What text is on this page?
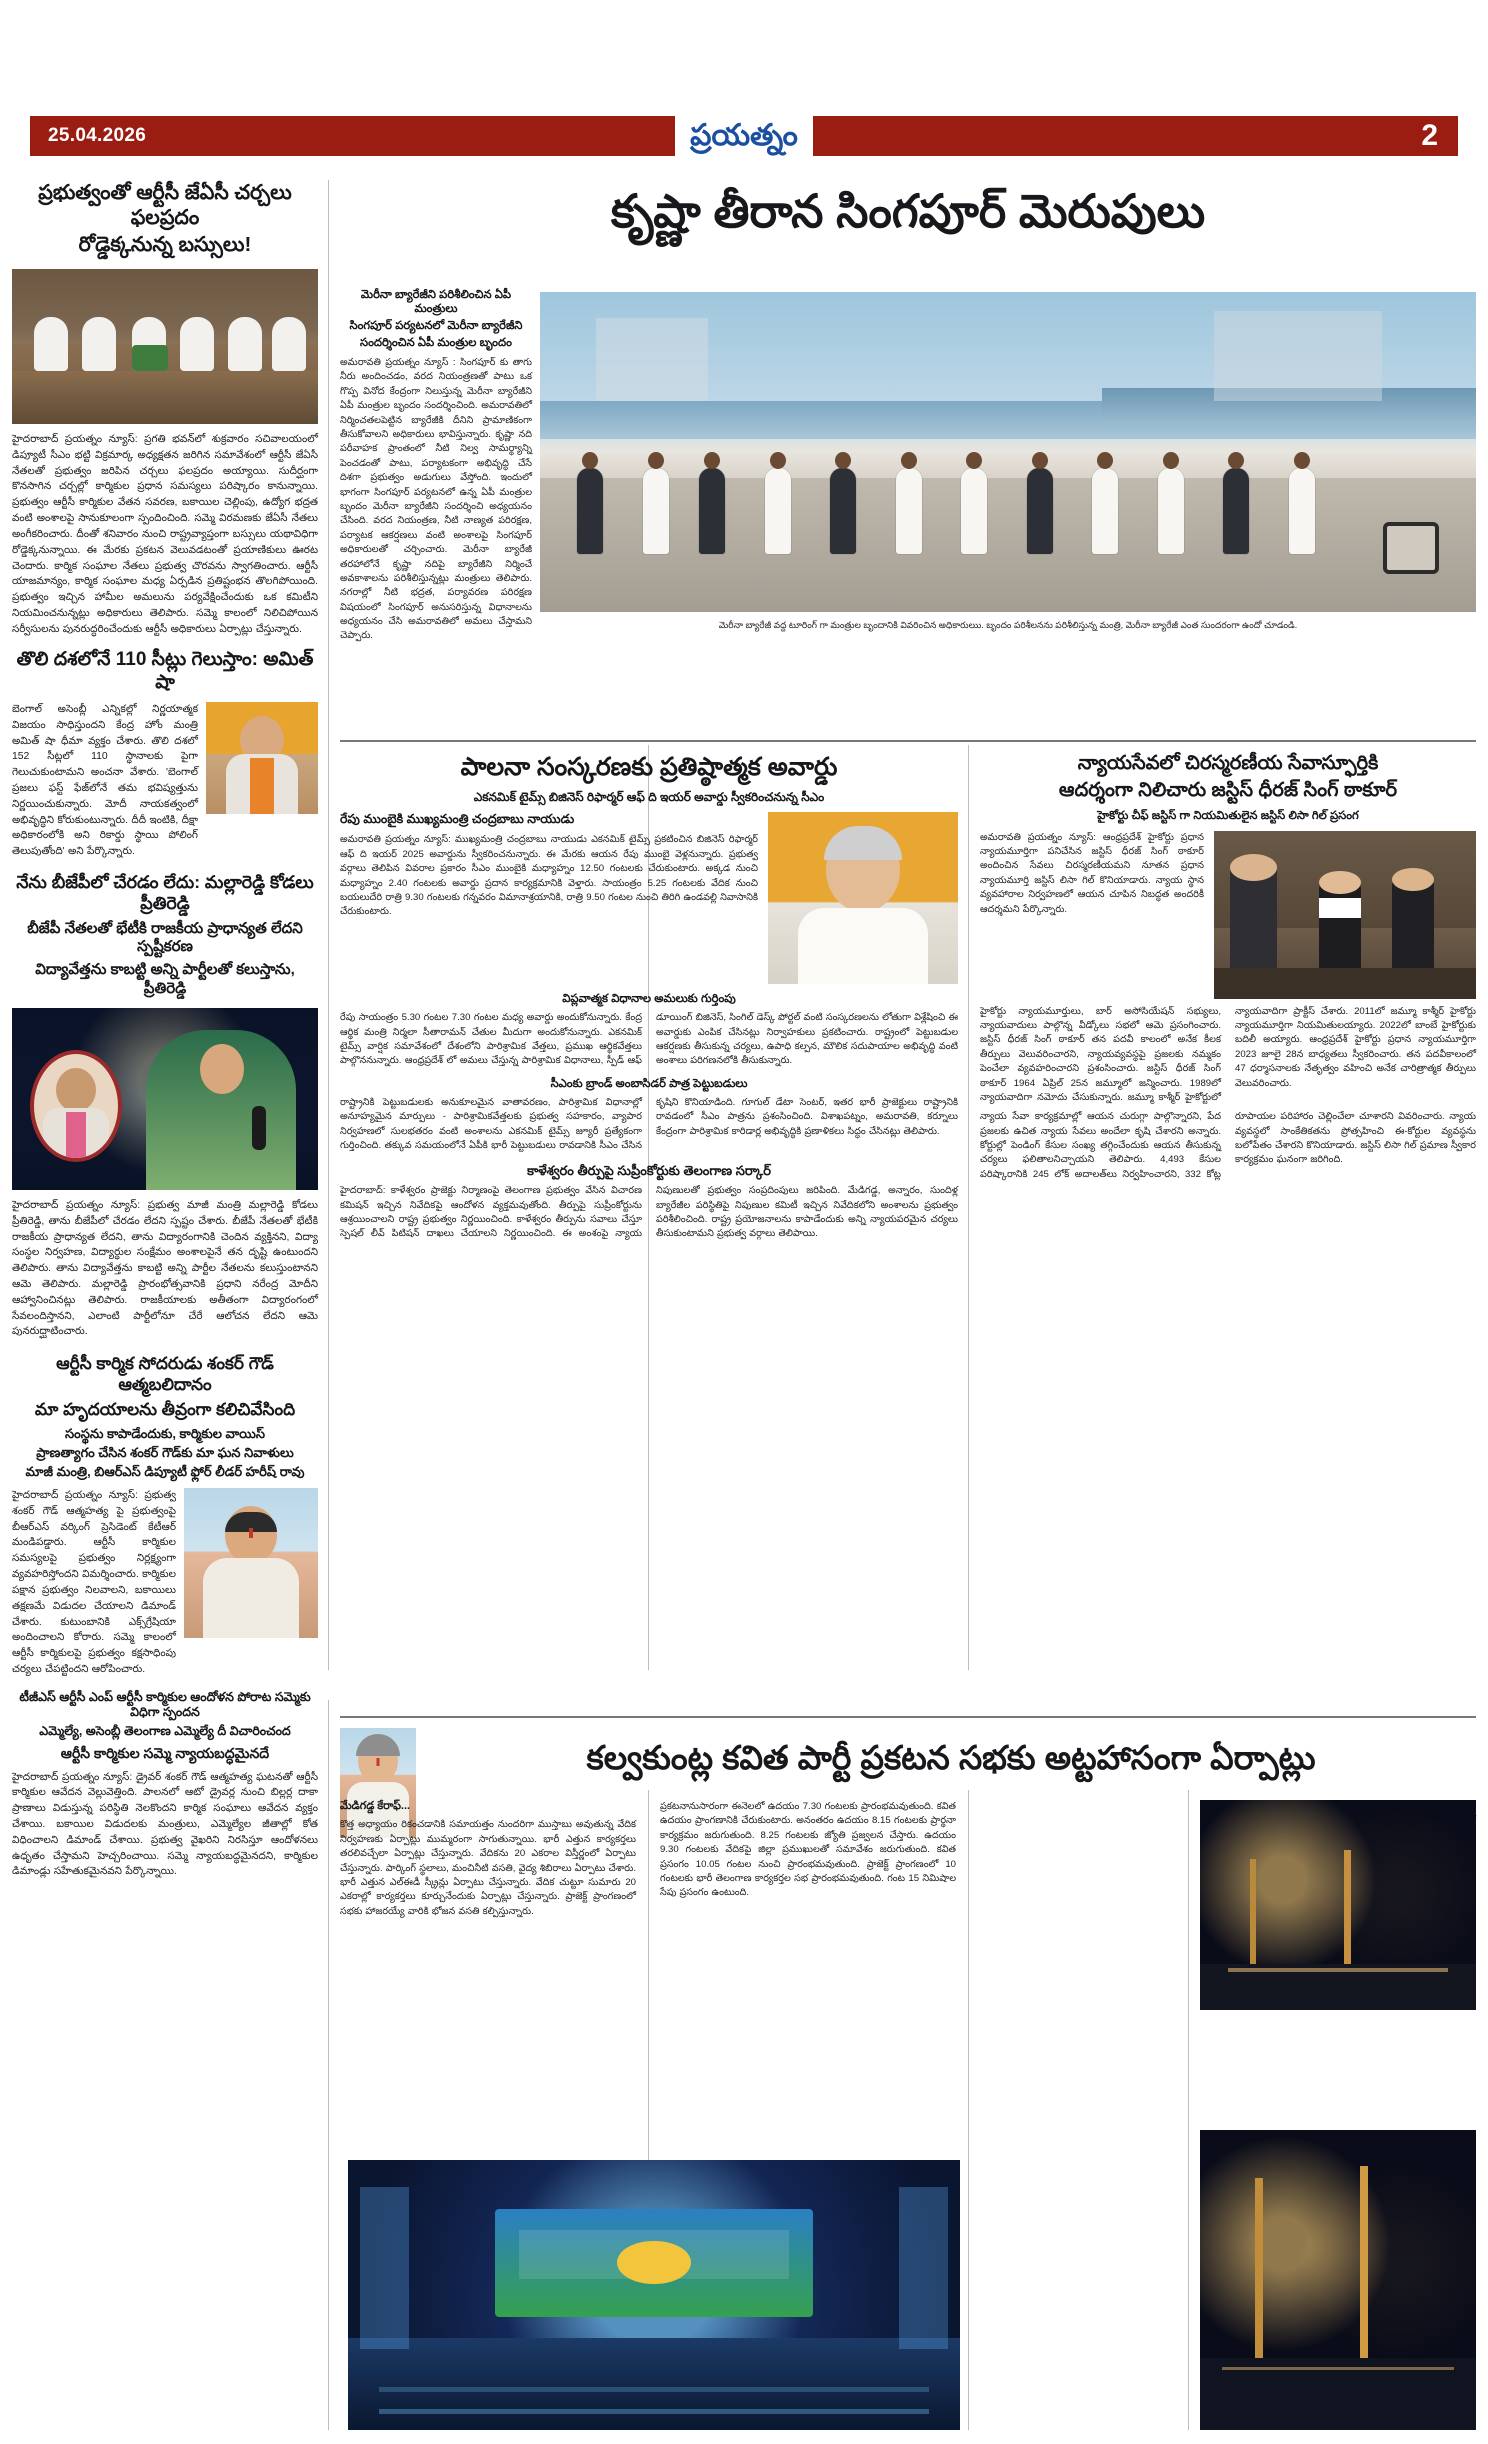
25.04.2026	ప్రయత్నం	2
ప్రభుత్వంతో ఆర్టీసీ జేఏసీ చర్చలు ఫలప్రదం
రోడ్డెక్కనున్న బస్సులు!
హైదరాబాద్ ప్రయత్నం న్యూస్: ప్రగతి భవన్‌లో శుక్రవారం సచివాలయంలో డిప్యూటీ సీఎం భట్టి విక్రమార్క అధ్యక్షతన జరిగిన సమావేశంలో ఆర్టీసీ జేఏసీ నేతలతో ప్రభుత్వం జరిపిన చర్చలు ఫలప్రదం అయ్యాయి. సుదీర్ఘంగా కొనసాగిన చర్చల్లో కార్మికుల ప్రధాన సమస్యలు పరిష్కారం కానున్నాయి. ప్రభుత్వం ఆర్టీసీ కార్మికుల వేతన సవరణ, బకాయిల చెల్లింపు, ఉద్యోగ భద్రత వంటి అంశాలపై సానుకూలంగా స్పందించింది. సమ్మె విరమణకు జేఏసీ నేతలు అంగీకరించారు. దీంతో శనివారం నుంచి రాష్ట్రవ్యాప్తంగా బస్సులు యథావిధిగా రోడ్డెక్కనున్నాయి. ఈ మేరకు ప్రకటన వెలువడటంతో ప్రయాణికులు ఊరట చెందారు. కార్మిక సంఘాల నేతలు ప్రభుత్వ చొరవను స్వాగతించారు. ఆర్టీసీ యాజమాన్యం, కార్మిక సంఘాల మధ్య ఏర్పడిన ప్రతిష్టంభన తొలగిపోయింది. ప్రభుత్వం ఇచ్చిన హామీల అమలును పర్యవేక్షించేందుకు ఒక కమిటీని నియమించనున్నట్లు అధికారులు తెలిపారు. సమ్మె కాలంలో నిలిచిపోయిన సర్వీసులను పునరుద్ధరించేందుకు ఆర్టీసీ అధికారులు ఏర్పాట్లు చేస్తున్నారు.
తొలి దశలోనే 110 సీట్లు గెలుస్తాం: అమిత్ షా
బెంగాల్ అసెంబ్లీ ఎన్నికల్లో నిర్ణయాత్మక విజయం సాధిస్తుందని కేంద్ర హోం మంత్రి అమిత్ షా ధీమా వ్యక్తం చేశారు. తొలి దశలో 152 సీట్లలో 110 స్థానాలకు పైగా గెలుచుకుంటామని అంచనా వేశారు. 'బెంగాల్ ప్రజలు ఫస్ట్ ఫేజ్‌లోనే తమ భవిష్యత్తును నిర్ణయించుకున్నారు. మోదీ నాయకత్వంలో అభివృద్ధిని కోరుకుంటున్నారు. దీదీ ఇంటికి, దీక్షా అధికారంలోకి అని రికార్డు స్థాయి పోలింగ్ తెలుపుతోంది' అని పేర్కొన్నారు.
నేను బీజేపీలో చేరడం లేదు: మల్లారెడ్డి కోడలు ప్రీతిరెడ్డి
బీజేపీ నేతలతో భేటీకి రాజకీయ ప్రాధాన్యత లేదని స్పష్టీకరణ
విద్యావేత్తను కాబట్టి అన్ని పార్టీలతో కలుస్తాను, ప్రీతిరెడ్డి
హైదరాబాద్ ప్రయత్నం న్యూస్: ప్రభుత్వ మాజీ మంత్రి మల్లారెడ్డి కోడలు ప్రీతిరెడ్డి, తాను బీజేపీలో చేరడం లేదని స్పష్టం చేశారు. బీజేపీ నేతలతో భేటీకి రాజకీయ ప్రాధాన్యత లేదని, తాను విద్యారంగానికి చెందిన వ్యక్తినని, విద్యా సంస్థల నిర్వహణ, విద్యార్థుల సంక్షేమం అంశాలపైనే తన దృష్టి ఉంటుందని తెలిపారు. తాను విద్యావేత్తను కాబట్టి అన్ని పార్టీల నేతలను కలుస్తుంటానని ఆమె తెలిపారు. మల్లారెడ్డి ప్రారంభోత్సవానికి ప్రధాని నరేంద్ర మోదీని ఆహ్వానించినట్లు తెలిపారు. రాజకీయాలకు అతీతంగా విద్యారంగంలో సేవలందిస్తానని, ఎలాంటి పార్టీలోనూ చేరే ఆలోచన లేదని ఆమె పునరుద్ఘాటించారు.
ఆర్టీసీ కార్మిక సోదరుడు శంకర్ గౌడ్ ఆత్మబలిదానం
మా హృదయాలను తీవ్రంగా కలిచివేసింది
సంస్థను కాపాడేందుకు, కార్మికుల వాయిస్
ప్రాణత్యాగం చేసిన శంకర్ గౌడ్‌కు మా ఘన నివాళులు
మాజీ మంత్రి, బిఆర్ఎస్ డిప్యూటీ ఫ్లోర్ లీడర్ హరీష్ రావు
హైదరాబాద్ ప్రయత్నం న్యూస్: ప్రభుత్వ శంకర్ గౌడ్ ఆత్మహత్య పై ప్రభుత్వంపై బీఆర్ఎస్ వర్కింగ్ ప్రెసిడెంట్ కేటీఆర్ మండిపడ్డారు. ఆర్టీసీ కార్మికుల సమస్యలపై ప్రభుత్వం నిర్లక్ష్యంగా వ్యవహరిస్తోందని విమర్శించారు. కార్మికుల పక్షాన ప్రభుత్వం నిలవాలని, బకాయిలు తక్షణమే విడుదల చేయాలని డిమాండ్ చేశారు. కుటుంబానికి ఎక్స్‌గ్రేషియా అందించాలని కోరారు. సమ్మె కాలంలో ఆర్టీసీ కార్మికులపై ప్రభుత్వం కక్షసాధింపు చర్యలు చేపట్టిందని ఆరోపించారు.
టీజీఎస్ ఆర్టీసీ ఎంప్ ఆర్టీసీ కార్మికుల ఆందోళన పోరాట సమ్మెకు విధిగా స్పందన
ఎమ్మెల్యే, అసెంబ్లీ తెలంగాణ ఎమ్మెల్యే దీ విచారించంద
ఆర్టీసీ కార్మికుల సమ్మె న్యాయబద్ధమైనదే
హైదరాబాద్ ప్రయత్నం న్యూస్: డ్రైవర్ శంకర్ గౌడ్ ఆత్మహత్య ఘటనతో ఆర్టీసీ కార్మికుల ఆవేదన వెల్లువెత్తింది. పాలనలో ఆటో డ్రైవర్ల నుంచి బిల్లర్ల దాకా ప్రాణాలు విడుస్తున్న పరిస్థితి నెలకొందని కార్మిక సంఘాలు ఆవేదన వ్యక్తం చేశాయి. బకాయిల విడుదలకు మంత్రులు, ఎమ్మెల్యేల జీతాల్లో కోత విధించాలని డిమాండ్ చేశాయి. ప్రభుత్వ వైఖరిని నిరసిస్తూ ఆందోళనలు ఉధృతం చేస్తామని హెచ్చరించాయి. సమ్మె న్యాయబద్ధమైనదని, కార్మికుల డిమాండ్లు సహేతుకమైనవని పేర్కొన్నాయి.
కృష్ణా తీరాన సింగపూర్ మెరుపులు
మెరీనా బ్యారేజీని పరిశీలించిన ఏపీ మంత్రులు
సింగపూర్ పర్యటనలో మెరీనా బ్యారేజీని
సందర్శించిన ఏపీ మంత్రుల బృందం
అమరావతి ప్రయత్నం న్యూస్ : సింగపూర్ కు తాగు నీరు అందించడం, వరద నియంత్రణతో పాటు ఒక గొప్ప వినోద కేంద్రంగా నిలుస్తున్న మెరీనా బ్యారేజీని ఏపీ మంత్రుల బృందం సందర్శించింది. అమరావతిలో నిర్మించతలపెట్టిన బ్యారేజీకి దీనిని ప్రామాణికంగా తీసుకోవాలని అధికారులు భావిస్తున్నారు. కృష్ణా నది పరీవాహక ప్రాంతంలో నీటి నిల్వ సామర్థ్యాన్ని పెంచడంతో పాటు, పర్యాటకంగా అభివృద్ధి చేసే దిశగా ప్రభుత్వం అడుగులు వేస్తోంది. ఇందులో భాగంగా సింగపూర్ పర్యటనలో ఉన్న ఏపీ మంత్రుల బృందం మెరీనా బ్యారేజీని సందర్శించి అధ్యయనం చేసింది. వరద నియంత్రణ, నీటి నాణ్యత పరిరక్షణ, పర్యాటక ఆకర్షణలు వంటి అంశాలపై సింగపూర్ అధికారులతో చర్చించారు. మెరీనా బ్యారేజీ తరహాలోనే కృష్ణా నదిపై బ్యారేజీని నిర్మించే అవకాశాలను పరిశీలిస్తున్నట్లు మంత్రులు తెలిపారు. నగరాల్లో నీటి భద్రత, పర్యావరణ పరిరక్షణ విషయంలో సింగపూర్ అనుసరిస్తున్న విధానాలను అధ్యయనం చేసి అమరావతిలో అమలు చేస్తామని చెప్పారు.
మెరీనా బ్యారేజీ వద్ద టూరింగ్ గా మంత్రుల బృందానికి వివరించిన అధికారులుు. బృందం పరిశీలనను పరిశీలిస్తున్న మంత్రి, మెరీనా బ్యారేజీ ఎంత సుందరంగా ఉందో చూడండి.
పాలనా సంస్కరణకు ప్రతిష్ఠాత్మక అవార్డు
ఎకనమిక్ టైమ్స్ బిజినెస్ రిఫార్మర్ ఆఫ్ ది ఇయర్ అవార్డు స్వీకరించనున్న సీఎం
రేపు ముంబైకి ముఖ్యమంత్రి చంద్రబాబు నాయుడు
అమరావతి ప్రయత్నం న్యూస్: ముఖ్యమంత్రి చంద్రబాబు నాయుడు ఎకనమిక్ టైమ్స్ ప్రకటించిన బిజినెస్ రిఫార్మర్ ఆఫ్ ది ఇయర్ 2025 అవార్డును స్వీకరించనున్నారు. ఈ మేరకు ఆయన రేపు ముంబై వెళ్లనున్నారు. ప్రభుత్వ వర్గాలు తెలిపిన వివరాల ప్రకారం సీఎం ముంబైకి మధ్యాహ్నం 12.50 గంటలకు చేరుకుంటారు. అక్కడ నుంచి మధ్యాహ్నం 2.40 గంటలకు అవార్డు ప్రదాన కార్యక్రమానికి వెళ్తారు. సాయంత్రం 5.25 గంటలకు వేదిక నుంచి బయలుదేరి రాత్రి 9.30 గంటలకు గన్నవరం విమానాశ్రయానికి, రాత్రి 9.50 గంటల నుంచి తిరిగి ఉండవల్లి నివాసానికి చేరుకుంటారు.
విప్లవాత్మక విధానాల అమలుకు గుర్తింపు
రేపు సాయంత్రం 5.30 గంటల 7.30 గంటల మధ్య అవార్డు అందుకోనున్నారు. కేంద్ర ఆర్థిక మంత్రి నిర్మలా సీతారామన్ చేతుల మీదుగా అందుకోనున్నారు. ఎకనమిక్ టైమ్స్ వార్షిక సమావేశంలో దేశంలోని పారిశ్రామిక వేత్తలు, ప్రముఖ ఆర్థికవేత్తలు పాల్గొననున్నారు. ఆంధ్రప్రదేశ్ లో అమలు చేస్తున్న పారిశ్రామిక విధానాలు, స్పీడ్ ఆఫ్ డూయింగ్ బిజినెస్, సింగిల్ డెస్క్ పోర్టల్ వంటి సంస్కరణలను లోతుగా విశ్లేషించి ఈ అవార్డుకు ఎంపిక చేసినట్లు నిర్వాహకులు ప్రకటించారు. రాష్ట్రంలో పెట్టుబడుల ఆకర్షణకు తీసుకున్న చర్యలు, ఉపాధి కల్పన, మౌలిక సదుపాయాల అభివృద్ధి వంటి అంశాలు పరిగణనలోకి తీసుకున్నారు.
సీఎంకు బ్రాండ్ అంబాసిడర్ పాత్ర పెట్టుబడులు
రాష్ట్రానికి పెట్టుబడులకు అనుకూలమైన వాతావరణం, పారిశ్రామిక విధానాల్లో అనూహ్యమైన మార్పులు - పారిశ్రామికవేత్తలకు ప్రభుత్వ సహకారం, వ్యాపార నిర్వహణలో సులభతరం వంటి అంశాలను ఎకనమిక్ టైమ్స్ జ్యూరీ ప్రత్యేకంగా గుర్తించింది. తక్కువ సమయంలోనే ఏపీకి భారీ పెట్టుబడులు రావడానికి సీఎం చేసిన కృషిని కొనియాడింది. గూగుల్ డేటా సెంటర్, ఇతర భారీ ప్రాజెక్టులు రాష్ట్రానికి రావడంలో సీఎం పాత్రను ప్రశంసించింది. విశాఖపట్నం, అమరావతి, కర్నూలు కేంద్రంగా పారిశ్రామిక కారిడార్ల అభివృద్ధికి ప్రణాళికలు సిద్ధం చేసినట్లు తెలిపారు.
కాళేశ్వరం తీర్పుపై సుప్రీంకోర్టుకు తెలంగాణ సర్కార్
హైదరాబాద్: కాళేశ్వరం ప్రాజెక్టు నిర్మాణంపై తెలంగాణ ప్రభుత్వం వేసిన విచారణ కమిషన్ ఇచ్చిన నివేదికపై ఆందోళన వ్యక్తమవుతోంది. తీర్పుపై సుప్రీంకోర్టును ఆశ్రయించాలని రాష్ట్ర ప్రభుత్వం నిర్ణయించింది. కాళేశ్వరం తీర్పును సవాలు చేస్తూ స్పెషల్ లీవ్ పిటిషన్ దాఖలు చేయాలని నిర్ణయించింది. ఈ అంశంపై న్యాయ నిపుణులతో ప్రభుత్వం సంప్రదింపులు జరిపింది. మేడిగడ్డ, అన్నారం, సుందిళ్ల బ్యారేజీల పరిస్థితిపై నిపుణుల కమిటీ ఇచ్చిన నివేదికలోని అంశాలను ప్రభుత్వం పరిశీలించింది. రాష్ట్ర ప్రయోజనాలను కాపాడేందుకు అన్ని న్యాయపరమైన చర్యలు తీసుకుంటామని ప్రభుత్వ వర్గాలు తెలిపాయి.
న్యాయసేవలో చిరస్మరణీయ సేవాస్ఫూర్తికి
ఆదర్శంగా నిలిచారు జస్టిస్ ధీరజ్ సింగ్ ఠాకూర్
హైకోర్టు చీఫ్ జస్టిస్ గా నియమితులైన జస్టిస్ లిసా గిల్ ప్రసంగ
అమరావతి ప్రయత్నం న్యూస్: ఆంధ్రప్రదేశ్ హైకోర్టు ప్రధాన న్యాయమూర్తిగా పనిచేసిన జస్టిస్ ధీరజ్ సింగ్ ఠాకూర్ అందించిన సేవలు చిరస్మరణీయమని నూతన ప్రధాన న్యాయమూర్తి జస్టిస్ లిసా గిల్ కొనియాడారు. న్యాయ స్థాన వ్యవహారాల నిర్వహణలో ఆయన చూపిన నిబద్ధత అందరికీ ఆదర్శమని పేర్కొన్నారు.
హైకోర్టు న్యాయమూర్తులు, బార్ అసోసియేషన్ సభ్యులు, న్యాయవాదులు పాల్గొన్న వీడ్కోలు సభలో ఆమె ప్రసంగించారు. జస్టిస్ ధీరజ్ సింగ్ ఠాకూర్ తన పదవీ కాలంలో అనేక కీలక తీర్పులు వెలువరించారని, న్యాయవ్యవస్థపై ప్రజలకు నమ్మకం పెంచేలా వ్యవహరించారని ప్రశంసించారు. జస్టిస్ ధీరజ్ సింగ్ ఠాకూర్ 1964 ఏప్రిల్ 25న జమ్మూలో జన్మించారు. 1989లో న్యాయవాదిగా నమోదు చేసుకున్నారు. జమ్మూ కాశ్మీర్ హైకోర్టులో న్యాయవాదిగా ప్రాక్టీస్ చేశారు. 2011లో జమ్మూ కాశ్మీర్ హైకోర్టు న్యాయమూర్తిగా నియమితులయ్యారు. 2022లో బాంబే హైకోర్టుకు బదిలీ అయ్యారు. ఆంధ్రప్రదేశ్ హైకోర్టు ప్రధాన న్యాయమూర్తిగా 2023 జూలై 28న బాధ్యతలు స్వీకరించారు. తన పదవీకాలంలో 47 ధర్మాసనాలకు నేతృత్వం వహించి అనేక చారిత్రాత్మక తీర్పులు వెలువరించారు.
న్యాయ సేవా కార్యక్రమాల్లో ఆయన చురుగ్గా పాల్గొన్నారని, పేద ప్రజలకు ఉచిత న్యాయ సేవలు అందేలా కృషి చేశారని అన్నారు. కోర్టుల్లో పెండింగ్ కేసుల సంఖ్య తగ్గించేందుకు ఆయన తీసుకున్న చర్యలు ఫలితాలనిచ్చాయని తెలిపారు. 4,493 కేసుల పరిష్కారానికి 245 లోక్ అదాలత్‌లు నిర్వహించారని, 332 కోట్ల రూపాయల పరిహారం చెల్లించేలా చూశారని వివరించారు. న్యాయ వ్యవస్థలో సాంకేతికతను ప్రోత్సహించి ఈ-కోర్టుల వ్యవస్థను బలోపేతం చేశారని కొనియాడారు. జస్టిస్ లిసా గిల్ ప్రమాణ స్వీకార కార్యక్రమం ఘనంగా జరిగింది.
కల్వకుంట్ల కవిత పార్టీ ప్రకటన సభకు అట్టహాసంగా ఏర్పాట్లు
మేడిగడ్డ కేరాఫ్...
కొత్త అధ్యాయం రికంచడానికి సమాయత్తం నుందరిగా ముస్తాబు అవుతున్న వేదిక నిర్వహణకు ఏర్పాట్లు ముమ్మరంగా సాగుతున్నాయి. భారీ ఎత్తున కార్యకర్తలు తరలివచ్చేలా ఏర్పాట్లు చేస్తున్నారు. వేదికను 20 ఎకరాల విస్తీర్ణంలో ఏర్పాటు చేస్తున్నారు. పార్కింగ్ స్థలాలు, మంచినీటి వసతి, వైద్య శిబిరాలు ఏర్పాటు చేశారు. భారీ ఎత్తున ఎల్ఈడీ స్క్రీన్లు ఏర్పాటు చేస్తున్నారు. వేదిక చుట్టూ సుమారు 20 ఎకరాల్లో కార్యకర్తలు కూర్చునేందుకు ఏర్పాట్లు చేస్తున్నారు. ప్రాజెక్ట్ ప్రాంగణంలో సభకు హాజరయ్యే వారికి భోజన వసతి కల్పిస్తున్నారు.
ప్రకటనానుసారంగా ఈనెలలో ఉదయం 7.30 గంటలకు ప్రారంభమవుతుంది. కవిత ఉదయం ప్రాంగణానికి చేరుకుంటారు. అనంతరం ఉదయం 8.15 గంటలకు ప్రార్థనా కార్యక్రమం జరుగుతుంది. 8.25 గంటలకు జ్యోతి ప్రజ్వలన చేస్తారు. ఉదయం 9.30 గంటలకు వేదికపై జిల్లా ప్రముఖులతో సమావేశం జరుగుతుంది. కవిత ప్రసంగం 10.05 గంటల నుంచి ప్రారంభమవుతుంది. ప్రాజెక్ట్ ప్రాంగణంలో 10 గంటలకు భారీ తెలంగాణ కార్యకర్తల సభ ప్రారంభమవుతుంది. గంట 15 నిమిషాల సేపు ప్రసంగం ఉంటుంది.
